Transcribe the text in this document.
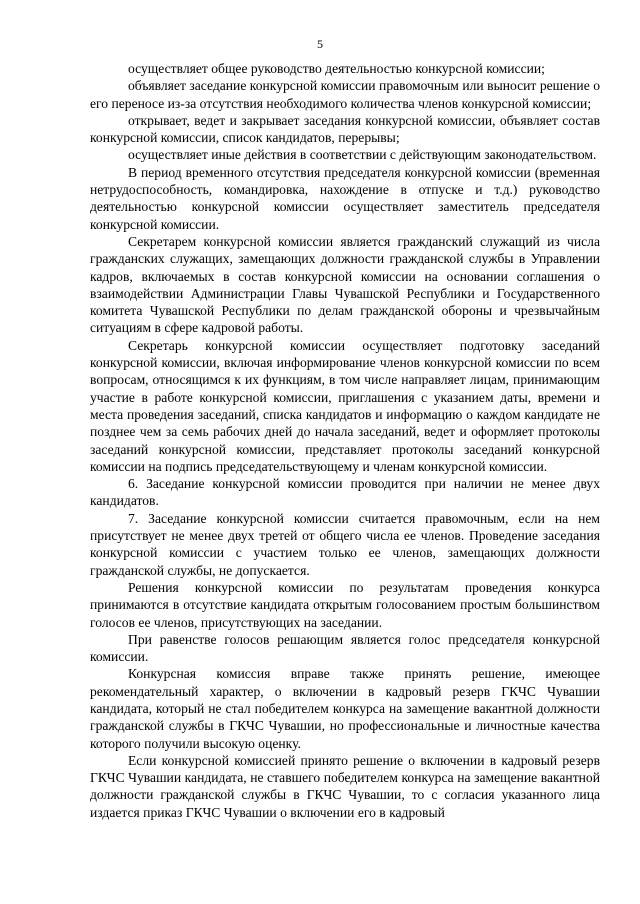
5

осуществляет общее руководство деятельностью конкурсной комиссии;

объявляет заседание конкурсной комиссии правомочным или выносит решение о его переносе из-за отсутствия необходимого количества членов конкурсной комиссии;

открывает, ведет и закрывает заседания конкурсной комиссии, объявляет состав конкурсной комиссии, список кандидатов, перерывы;

осуществляет иные действия в соответствии с действующим законодательством.

В период временного отсутствия председателя конкурсной комиссии (временная нетрудоспособность, командировка, нахождение в отпуске и т.д.) руководство деятельностью конкурсной комиссии осуществляет заместитель председателя конкурсной комиссии.

Секретарем конкурсной комиссии является гражданский служащий из числа гражданских служащих, замещающих должности гражданской службы в Управлении кадров, включаемых в состав конкурсной комиссии на основании соглашения о взаимодействии Администрации Главы Чувашской Республики и Государственного комитета Чувашской Республики по делам гражданской обороны и чрезвычайным ситуациям в сфере кадровой работы.

Секретарь конкурсной комиссии осуществляет подготовку заседаний конкурсной комиссии, включая информирование членов конкурсной комиссии по всем вопросам, относящимся к их функциям, в том числе направляет лицам, принимающим участие в работе конкурсной комиссии, приглашения с указанием даты, времени и места проведения заседаний, списка кандидатов и информацию о каждом кандидате не позднее чем за семь рабочих дней до начала заседаний, ведет и оформляет протоколы заседаний конкурсной комиссии, представляет протоколы заседаний конкурсной комиссии на подпись председательствующему и членам конкурсной комиссии.

6. Заседание конкурсной комиссии проводится при наличии не менее двух кандидатов.

7. Заседание конкурсной комиссии считается правомочным, если на нем присутствует не менее двух третей от общего числа ее членов. Проведение заседания конкурсной комиссии с участием только ее членов, замещающих должности гражданской службы, не допускается.

Решения конкурсной комиссии по результатам проведения конкурса принимаются в отсутствие кандидата открытым голосованием простым большинством голосов ее членов, присутствующих на заседании.

При равенстве голосов решающим является голос председателя конкурсной комиссии.

Конкурсная комиссия вправе также принять решение, имеющее рекомендательный характер, о включении в кадровый резерв ГКЧС Чувашии кандидата, который не стал победителем конкурса на замещение вакантной должности гражданской службы в ГКЧС Чувашии, но профессиональные и личностные качества которого получили высокую оценку.

Если конкурсной комиссией принято решение о включении в кадровый резерв ГКЧС Чувашии кандидата, не ставшего победителем конкурса на замещение вакантной должности гражданской службы в ГКЧС Чувашии, то с согласия указанного лица издается приказ ГКЧС Чувашии о включении его в кадровый
